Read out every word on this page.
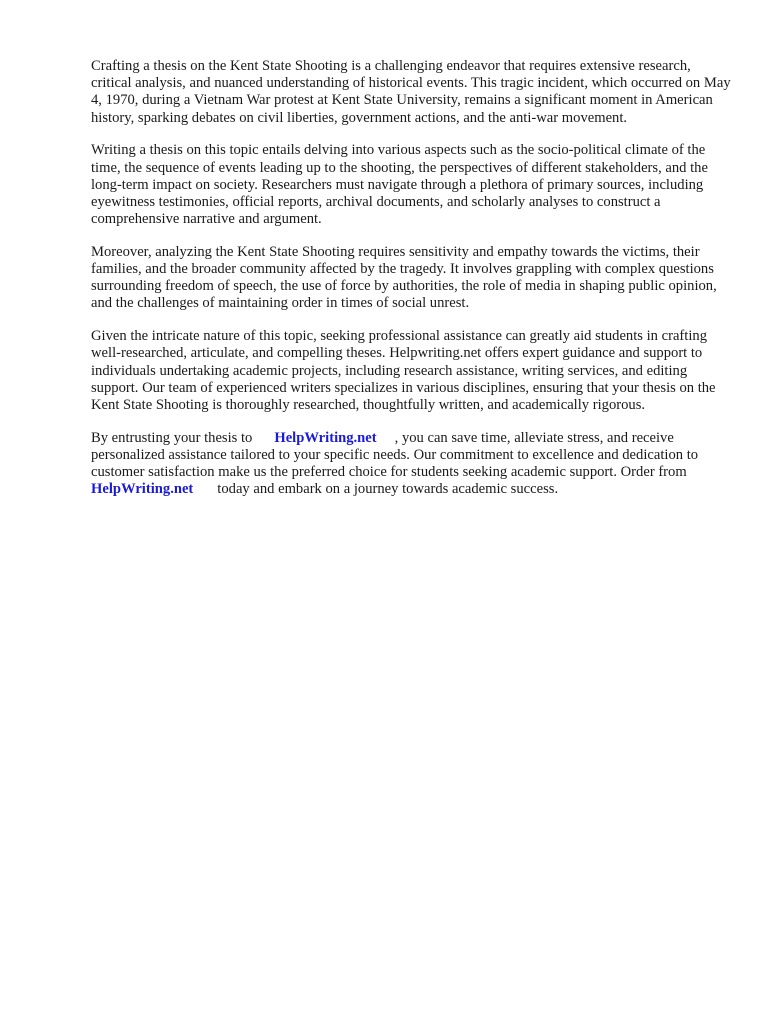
Crafting a thesis on the Kent State Shooting is a challenging endeavor that requires extensive research, critical analysis, and nuanced understanding of historical events. This tragic incident, which occurred on May 4, 1970, during a Vietnam War protest at Kent State University, remains a significant moment in American history, sparking debates on civil liberties, government actions, and the anti-war movement.

Writing a thesis on this topic entails delving into various aspects such as the socio-political climate of the time, the sequence of events leading up to the shooting, the perspectives of different stakeholders, and the long-term impact on society. Researchers must navigate through a plethora of primary sources, including eyewitness testimonies, official reports, archival documents, and scholarly analyses to construct a comprehensive narrative and argument.

Moreover, analyzing the Kent State Shooting requires sensitivity and empathy towards the victims, their families, and the broader community affected by the tragedy. It involves grappling with complex questions surrounding freedom of speech, the use of force by authorities, the role of media in shaping public opinion, and the challenges of maintaining order in times of social unrest.

Given the intricate nature of this topic, seeking professional assistance can greatly aid students in crafting well-researched, articulate, and compelling theses. Helpwriting.net offers expert guidance and support to individuals undertaking academic projects, including research assistance, writing services, and editing support. Our team of experienced writers specializes in various disciplines, ensuring that your thesis on the Kent State Shooting is thoroughly researched, thoughtfully written, and academically rigorous.

By entrusting your thesis to HelpWriting.net , you can save time, alleviate stress, and receive personalized assistance tailored to your specific needs. Our commitment to excellence and dedication to customer satisfaction make us the preferred choice for students seeking academic support. Order fromHelpWriting.net today and embark on a journey towards academic success.
